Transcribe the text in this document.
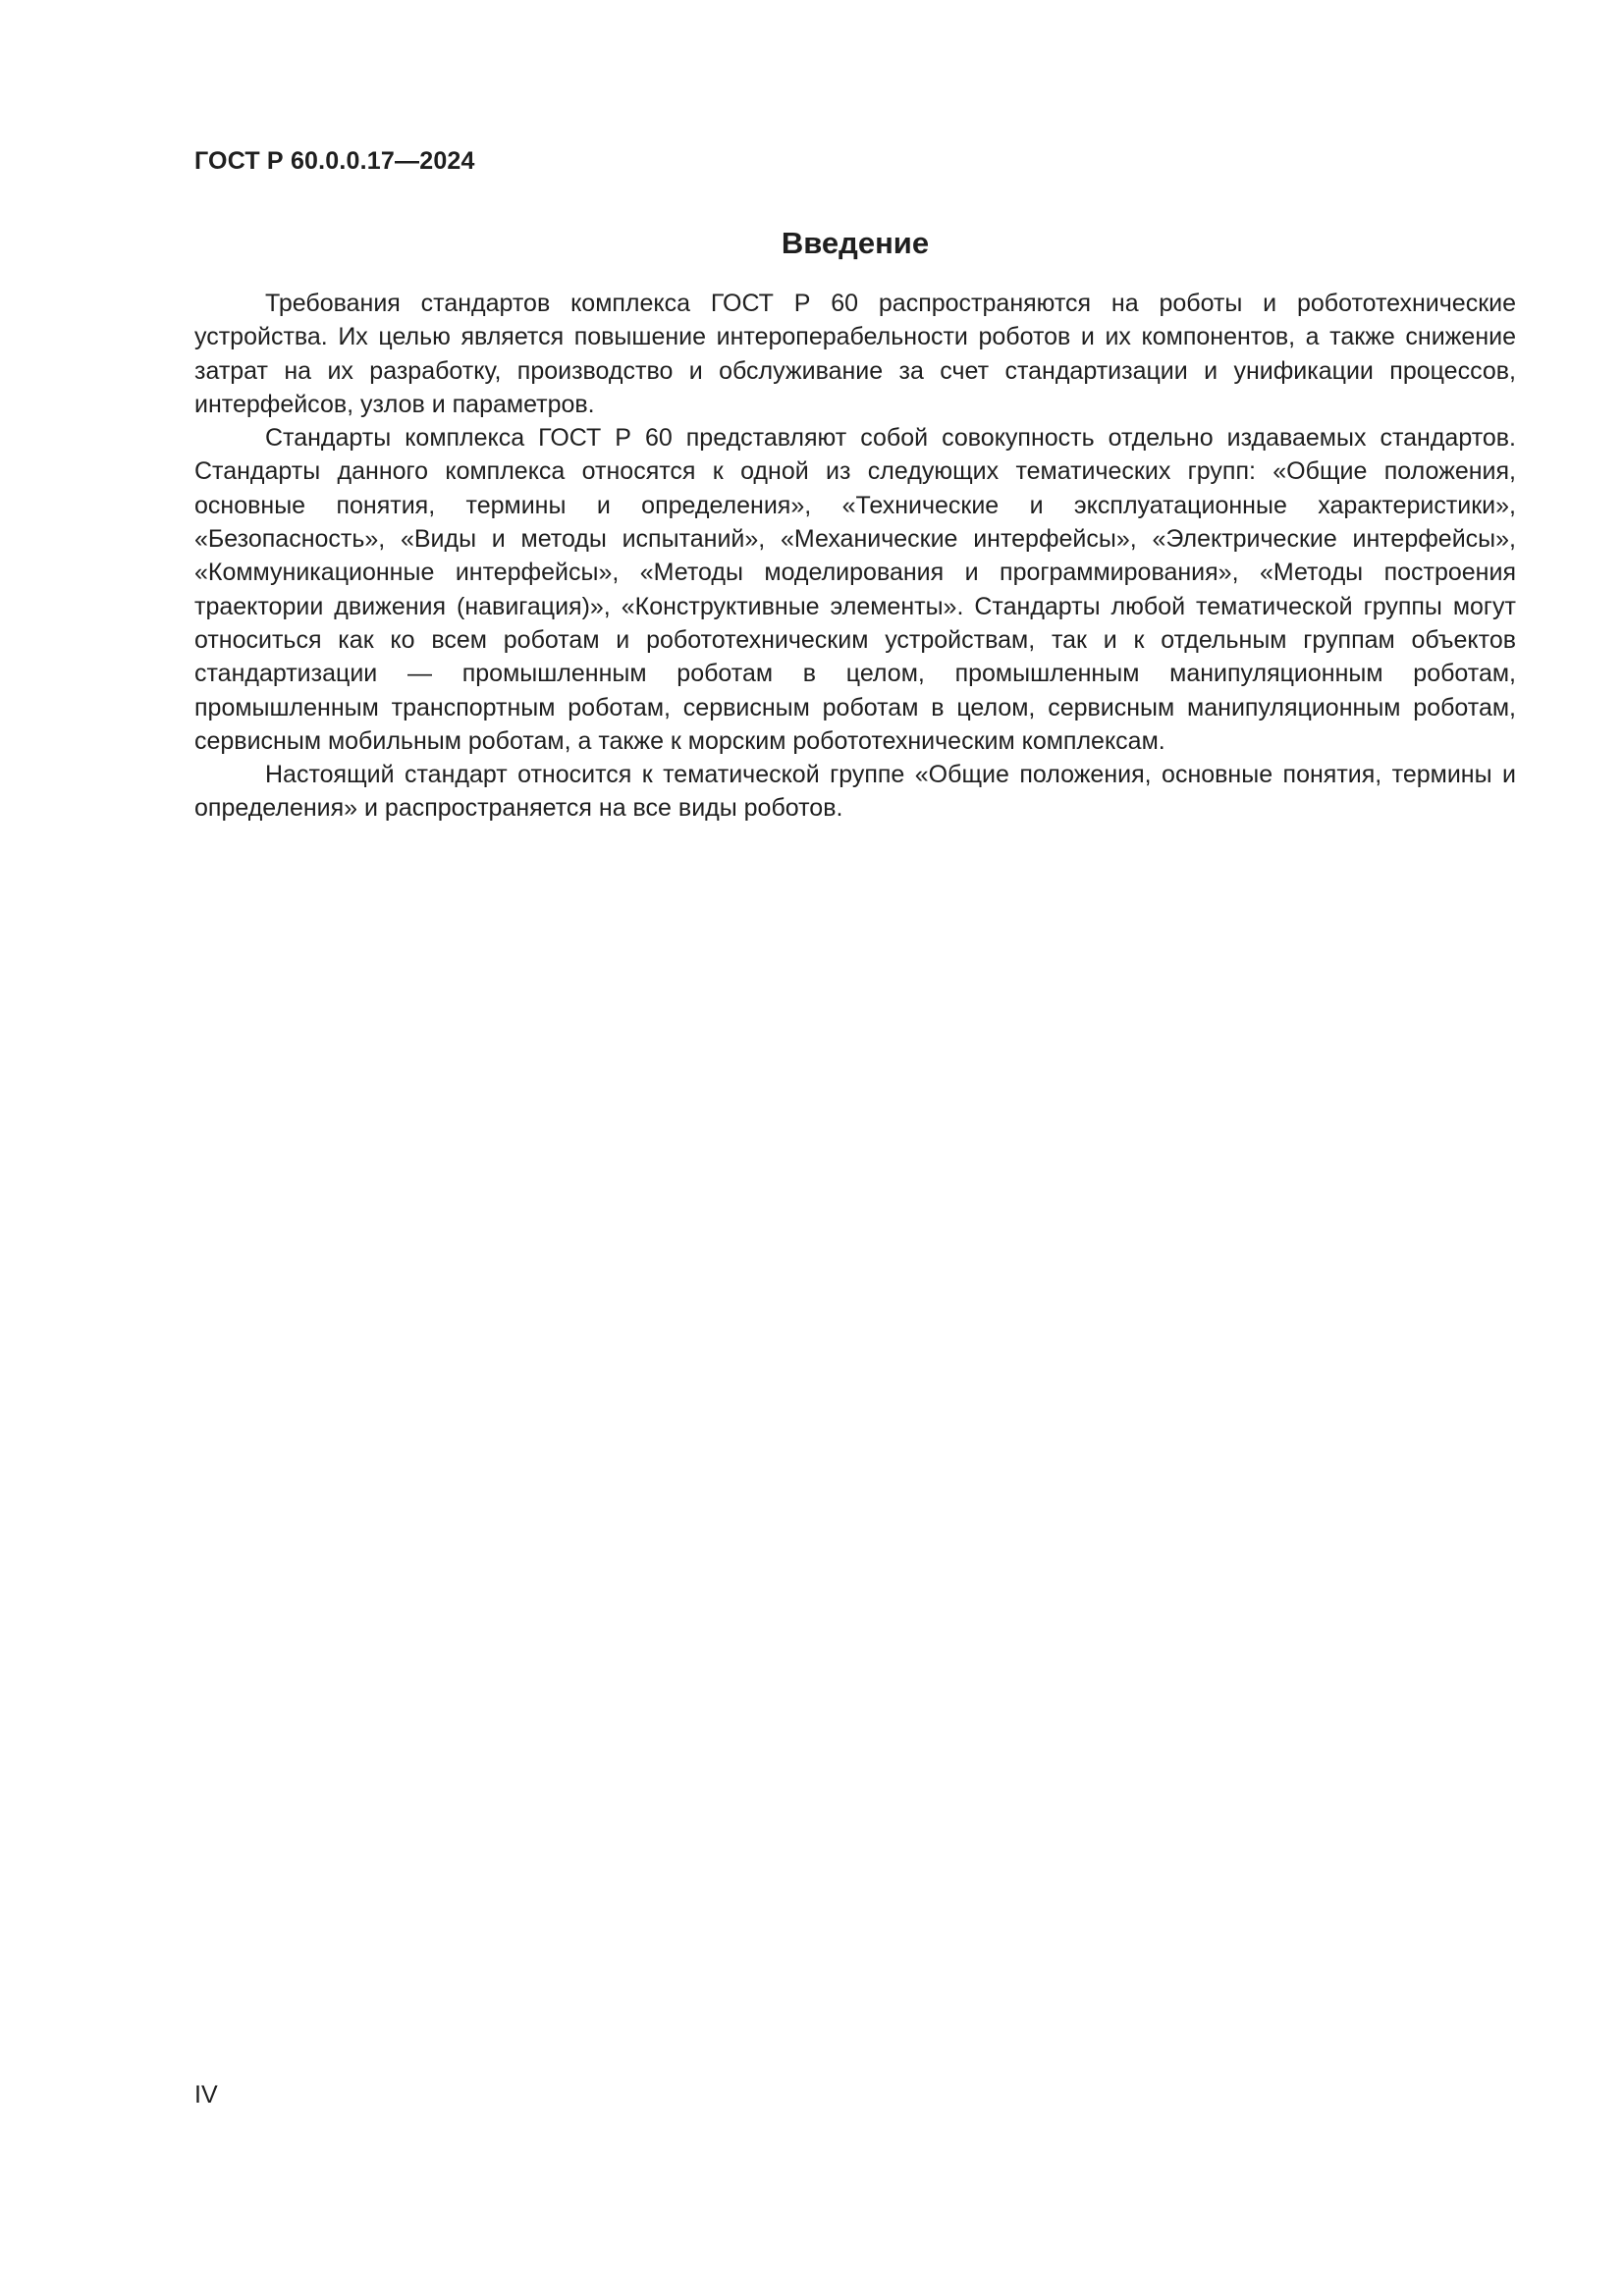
ГОСТ Р 60.0.0.17—2024
Введение

Требования стандартов комплекса ГОСТ Р 60 распространяются на роботы и робототехнические устройства. Их целью является повышение интероперабельности роботов и их компонентов, а также снижение затрат на их разработку, производство и обслуживание за счет стандартизации и унификации процессов, интерфейсов, узлов и параметров.

Стандарты комплекса ГОСТ Р 60 представляют собой совокупность отдельно издаваемых стандартов. Стандарты данного комплекса относятся к одной из следующих тематических групп: «Общие положения, основные понятия, термины и определения», «Технические и эксплуатационные характеристики», «Безопасность», «Виды и методы испытаний», «Механические интерфейсы», «Электрические интерфейсы», «Коммуникационные интерфейсы», «Методы моделирования и программирования», «Методы построения траектории движения (навигация)», «Конструктивные элементы». Стандарты любой тематической группы могут относиться как ко всем роботам и робототехническим устройствам, так и к отдельным группам объектов стандартизации — промышленным роботам в целом, промышленным манипуляционным роботам, промышленным транспортным роботам, сервисным роботам в целом, сервисным манипуляционным роботам, сервисным мобильным роботам, а также к морским робототехническим комплексам.

Настоящий стандарт относится к тематической группе «Общие положения, основные понятия, термины и определения» и распространяется на все виды роботов.

IV
